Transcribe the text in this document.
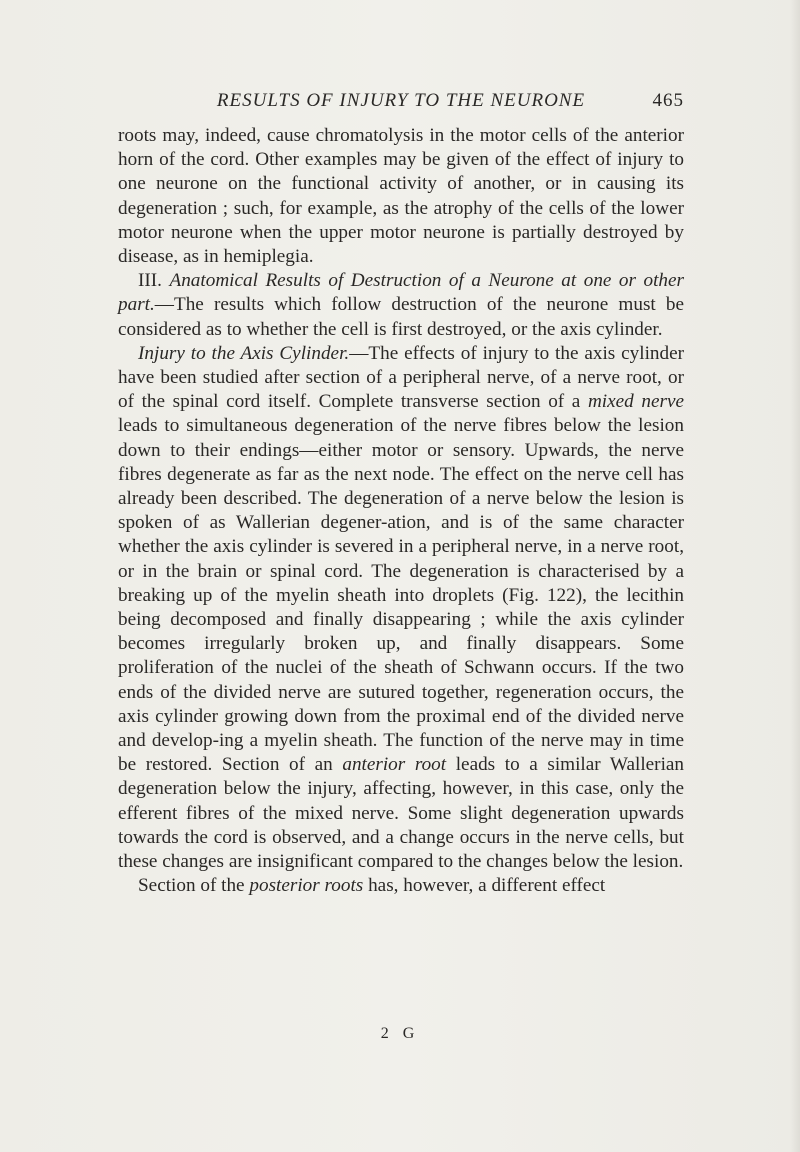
RESULTS OF INJURY TO THE NEURONE	465

roots may, indeed, cause chromatolysis in the motor cells of the anterior horn of the cord. Other examples may be given of the effect of injury to one neurone on the functional activity of another, or in causing its degeneration ; such, for example, as the atrophy of the cells of the lower motor neurone when the upper motor neurone is partially destroyed by disease, as in hemiplegia.

III. Anatomical Results of Destruction of a Neurone at one or other part.—The results which follow destruction of the neurone must be considered as to whether the cell is first destroyed, or the axis cylinder.

Injury to the Axis Cylinder.—The effects of injury to the axis cylinder have been studied after section of a peripheral nerve, of a nerve root, or of the spinal cord itself. Complete transverse section of a mixed nerve leads to simultaneous degeneration of the nerve fibres below the lesion down to their endings—either motor or sensory. Upwards, the nerve fibres degenerate as far as the next node. The effect on the nerve cell has already been described. The degeneration of a nerve below the lesion is spoken of as Wallerian degener-ation, and is of the same character whether the axis cylinder is severed in a peripheral nerve, in a nerve root, or in the brain or spinal cord. The degeneration is characterised by a breaking up of the myelin sheath into droplets (Fig. 122), the lecithin being decomposed and finally disappearing ; while the axis cylinder becomes irregularly broken up, and finally disappears. Some proliferation of the nuclei of the sheath of Schwann occurs. If the two ends of the divided nerve are sutured together, regeneration occurs, the axis cylinder growing down from the proximal end of the divided nerve and develop-ing a myelin sheath. The function of the nerve may in time be restored. Section of an anterior root leads to a similar Wallerian degeneration below the injury, affecting, however, in this case, only the efferent fibres of the mixed nerve. Some slight degeneration upwards towards the cord is observed, and a change occurs in the nerve cells, but these changes are insignificant compared to the changes below the lesion.

Section of the posterior roots has, however, a different effect

2 G
